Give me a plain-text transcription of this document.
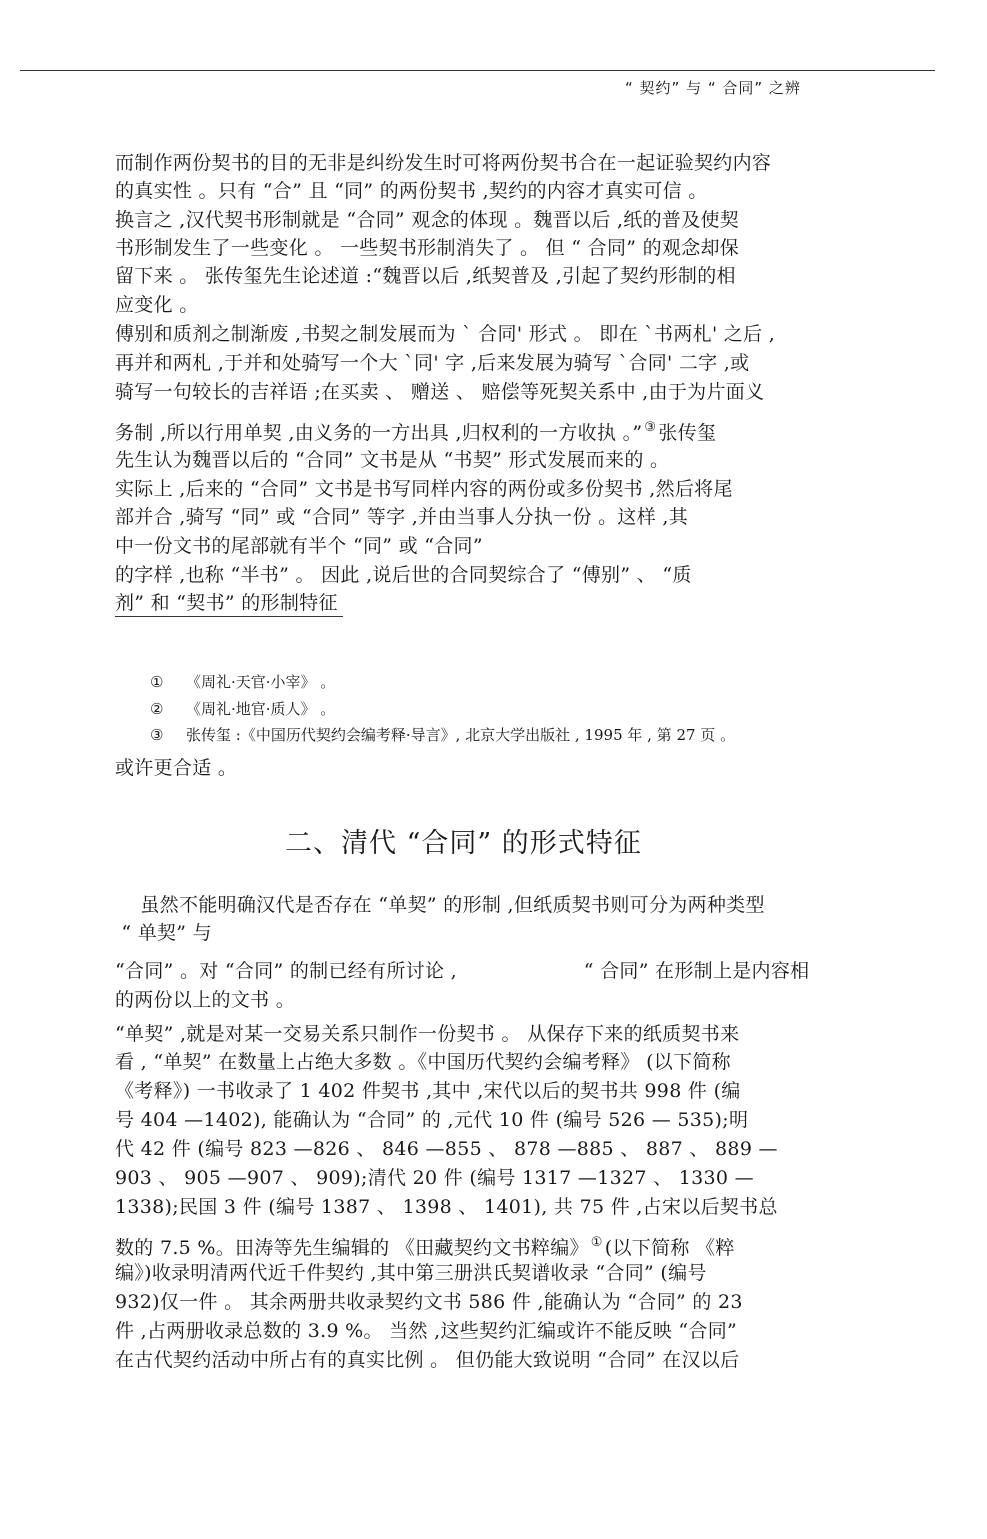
“ 契约” 与 “ 合同” 之辨
而制作两份契书的目的无非是纠纷发生时可将两份契书合在一起证验契约内容
的真实性 。只有 “合” 且 “同” 的两份契书 ,契约的内容才真实可信 。
换言之 ,汉代契书形制就是 “合同” 观念的体现 。魏晋以后 ,纸的普及使契
书形制发生了一些变化 。 一些契书形制消失了 。 但 “ 合同” 的观念却保
留下来 。 张传玺先生论述道 :“魏晋以后 ,纸契普及 ,引起了契约形制的相
应变化 。
傅别和质剂之制渐废 ,书契之制发展而为 ` 合同' 形式 。 即在 `书两札' 之后 ,
再并和两札 ,于并和处骑写一个大 `同' 字 ,后来发展为骑写 `合同' 二字 ,或
骑写一句较长的吉祥语 ;在买卖 、 赠送 、 赔偿等死契关系中 ,由于为片面义
务制 ,所以行用单契 ,由义务的一方出具 ,归权利的一方收执 。” ③ 张传玺
先生认为魏晋以后的 “合同” 文书是从 “书契” 形式发展而来的 。
实际上 ,后来的 “合同” 文书是书写同样内容的两份或多份契书 ,然后将尾
部并合 ,骑写 “同” 或 “合同” 等字 ,并由当事人分执一份 。这样 ,其
中一份文书的尾部就有半个 “同” 或 “合同”
的字样 ,也称 “半书” 。 因此 ,说后世的合同契综合了 “傅别” 、 “质
剂” 和 “契书” 的形制特征
① 《周礼·天官·小宰》 。
② 《周礼·地官·质人》 。
③ 张传玺 :《中国历代契约会编考释·导言》, 北京大学出版社 , 1995 年 , 第 27 页 。
或许更合适 。
二、清代 “合同” 的形式特征
虽然不能明确汉代是否存在 “单契” 的形制 ,但纸质契书则可分为两种类型
“ 单契” 与
“合同” 。对 “合同” 的制已经有所讨论 ,                    “ 合同” 在形制上是内容相
的两份以上的文书 。
“单契” ,就是对某一交易关系只制作一份契书 。 从保存下来的纸质契书来
看 , “单契” 在数量上占绝大多数 。《中国历代契约会编考释》 (以下简称
《考释》) 一书收录了 1 402 件契书 ,其中 ,宋代以后的契书共 998 件 (编
号 404 —1402), 能确认为 “合同” 的 ,元代 10 件 (编号 526 — 535);明
代 42 件 (编号 823 —826 、 846 —855 、 878 —885 、 887 、 889 —
903 、 905 —907 、 909);清代 20 件 (编号 1317 —1327 、 1330 —
1338);民国 3 件 (编号 1387 、 1398 、 1401), 共 75 件 ,占宋以后契书总
数的 7.5 %。田涛等先生编辑的 《田藏契约文书粹编》 ① (以下简称 《粹
编》)收录明清两代近千件契约 ,其中第三册洪氏契谱收录 “合同” (编号
932)仅一件 。 其余两册共收录契约文书 586 件 ,能确认为 “合同” 的 23
件 ,占两册收录总数的 3.9 %。 当然 ,这些契约汇编或许不能反映 “合同”
在古代契约活动中所占有的真实比例 。 但仍能大致说明 “合同” 在汉以后
